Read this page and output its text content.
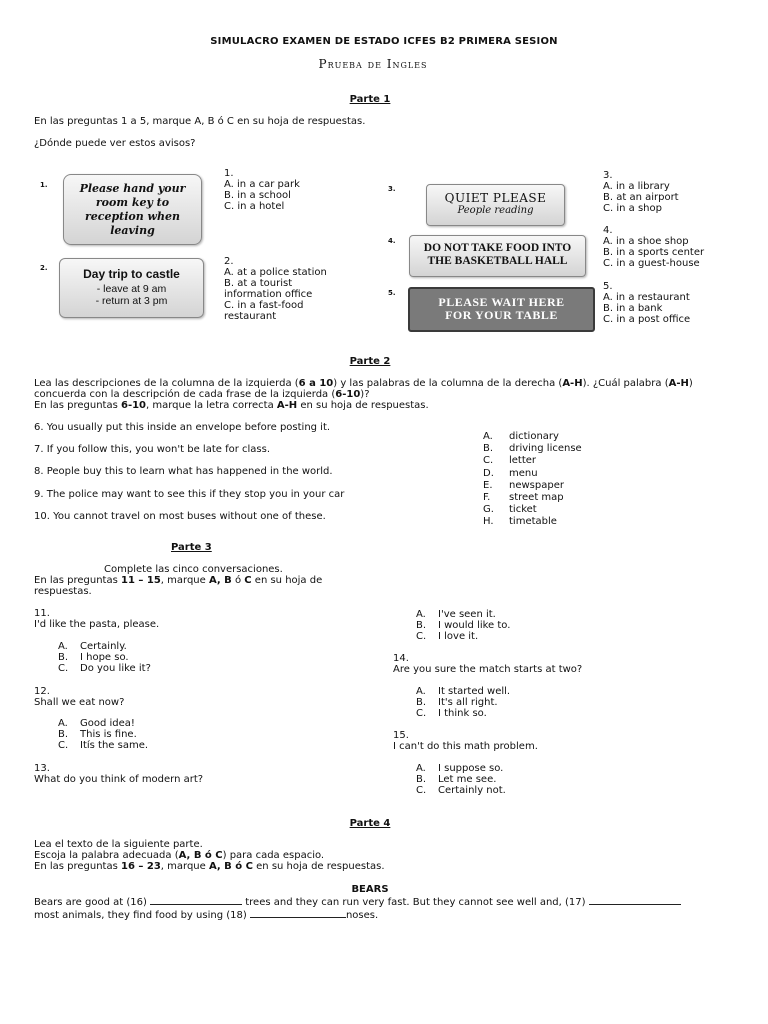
SIMULACRO EXAMEN DE ESTADO ICFES B2 PRIMERA SESION
Prueba de Ingles
Parte 1
En las preguntas 1 a 5, marque A, B ó C en su hoja de respuestas.
¿Dónde puede ver estos avisos?
1.	Please hand your
room key to
reception when
leaving
2.	Day trip to castle
- leave at 9 am
- return at 3 pm
1.
A. in a car park
B. in a school
C. in a hotel
2.
A. at a police station
B. at a tourist
information office
C. in a fast-food
restaurant
3.
QUIET PLEASE
People reading
4.
DO NOT TAKE FOOD INTO
THE BASKETBALL HALL
5.
PLEASE WAIT HERE
FOR YOUR TABLE
3.
A. in a library
B. at an airport
C. in a shop
4.
A. in a shoe shop
B. in a sports center
C. in a guest-house
5.
A. in a restaurant
B. in a bank
C. in a post office
Parte 2
Lea las descripciones de la columna de la izquierda (6 a 10) y las palabras de la columna de la derecha (A-H). ¿Cuál palabra (A-H)
concuerda con la descripción de cada frase de la izquierda (6-10)?
En las preguntas 6-10, marque la letra correcta A-H en su hoja de respuestas.
6. You usually put this inside an envelope before posting it.
7. If you follow this, you won't be late for class.
8. People buy this to learn what has happened in the world.
9. The police may want to see this if they stop you in your car
10. You cannot travel on most buses without one of these.
A.	dictionary
B.	driving license
C.	letter
D.	menu
E.	newspaper
F.	street map
G.	ticket
H.	timetable
Parte 3
Complete las cinco conversaciones.
En las preguntas 11 – 15, marque A, B ó C en su hoja de
respuestas.
11.
I'd like the pasta, please.
A.	Certainly.
B.	I hope so.
C.	Do you like it?
12.
Shall we eat now?
A.	Good idea!
B.	This is fine.
C.	Itís the same.
13.
What do you think of modern art?
A.	I've seen it.
B.	I would like to.
C.	I love it.
14.
Are you sure the match starts at two?
A.	It started well.
B.	It's all right.
C.	I think so.
15.
I can't do this math problem.
A.	I suppose so.
B.	Let me see.
C.	Certainly not.
Parte 4
Lea el texto de la siguiente parte.
Escoja la palabra adecuada (A, B ó C) para cada espacio.
En las preguntas 16 – 23, marque A, B ó C en su hoja de respuestas.
BEARS
Bears are good at (16)	trees and they can run very fast. But they cannot see well and, (17)
most animals, they find food by using (18)	noses.
